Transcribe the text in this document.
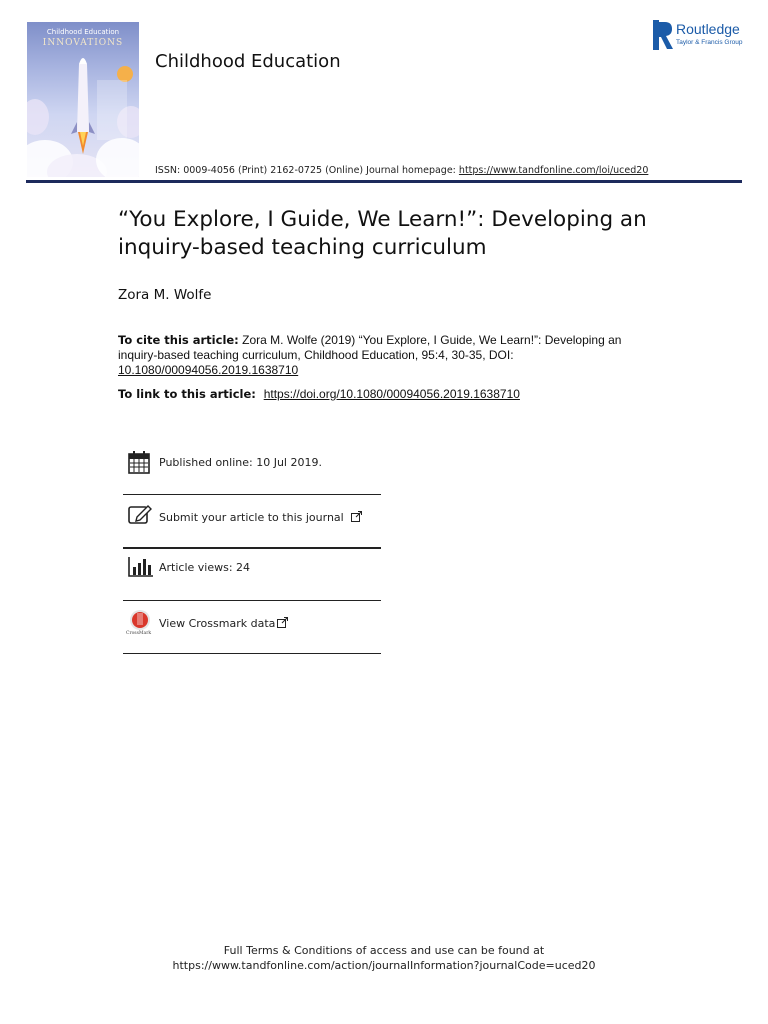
Childhood Education
INNOVATIONS
Childhood Education
Routledge
Taylor & Francis Group
ISSN: 0009-4056 (Print) 2162-0725 (Online) Journal homepage: https://www.tandfonline.com/loi/uced20
“You Explore, I Guide, We Learn!”: Developing an inquiry-based teaching curriculum
Zora M. Wolfe
To cite this article: Zora M. Wolfe (2019) “You Explore, I Guide, We Learn!”: Developing an inquiry-based teaching curriculum, Childhood Education, 95:4, 30-35, DOI: 10.1080/00094056.2019.1638710
To link to this article: https://doi.org/10.1080/00094056.2019.1638710
Published online: 10 Jul 2019.
Submit your article to this journal
Article views: 24
CrossMark
View Crossmark data
Full Terms & Conditions of access and use can be found at
https://www.tandfonline.com/action/journalInformation?journalCode=uced20
